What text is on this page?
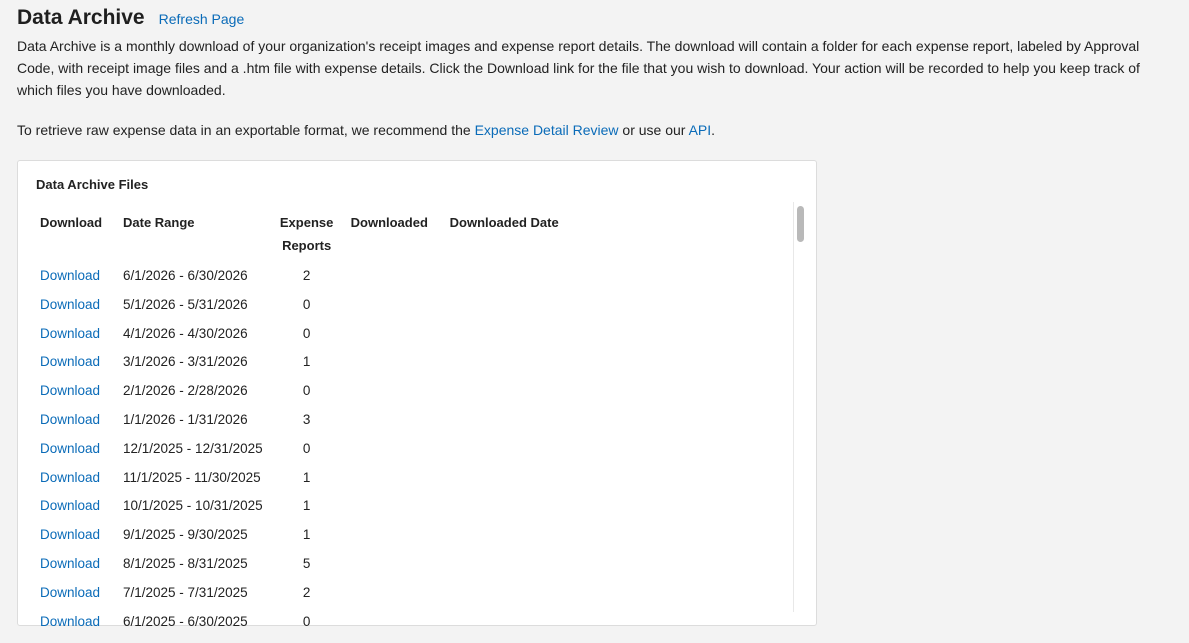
Data Archive Refresh Page

Data Archive is a monthly download of your organization's receipt images and expense report details. The download will contain a folder for each expense report, labeled by Approval Code, with receipt image files and a .htm file with expense details. Click the Download link for the file that you wish to download. Your action will be recorded to help you keep track of which files you have downloaded.

To retrieve raw expense data in an exportable format, we recommend the Expense Detail Review or use our API.

Data Archive Files
Download	Date Range	Expense Reports	Downloaded	Downloaded Date
Download	6/1/2026 - 6/30/2026	2		
Download	5/1/2026 - 5/31/2026	0		
Download	4/1/2026 - 4/30/2026	0		
Download	3/1/2026 - 3/31/2026	1		
Download	2/1/2026 - 2/28/2026	0		
Download	1/1/2026 - 1/31/2026	3		
Download	12/1/2025 - 12/31/2025	0		
Download	11/1/2025 - 11/30/2025	1		
Download	10/1/2025 - 10/31/2025	1		
Download	9/1/2025 - 9/30/2025	1		
Download	8/1/2025 - 8/31/2025	5		
Download	7/1/2025 - 7/31/2025	2		
Download	6/1/2025 - 6/30/2025	0		
